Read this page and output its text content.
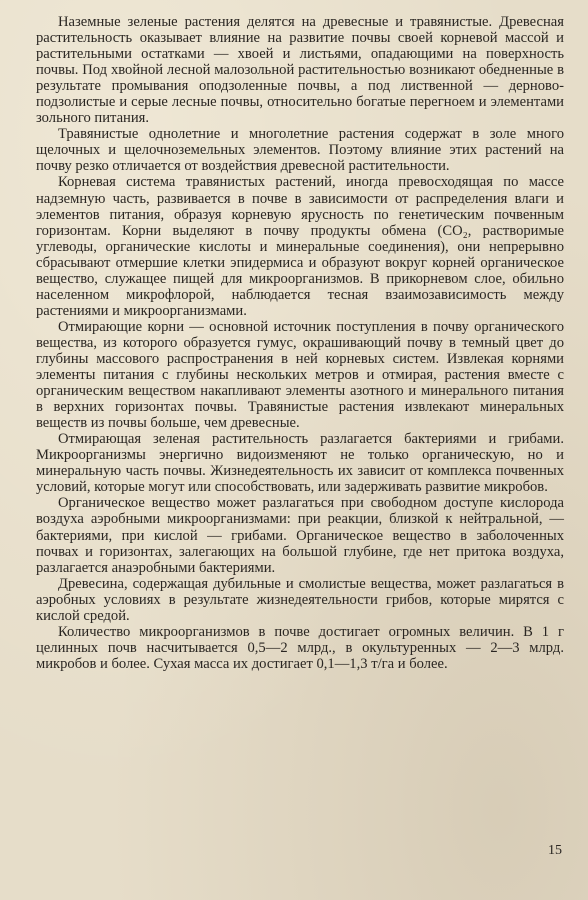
Наземные зеленые растения делятся на древесные и травянистые. Древесная растительность оказывает влияние на развитие почвы своей корневой массой и растительными остатками — хвоей и листьями, опадающими на поверхность почвы. Под хвойной лесной малозольной растительностью возникают обедненные в результате промывания оподзоленные почвы, а под лиственной — дерново-подзолистые и серые лесные почвы, относительно богатые перегноем и элементами зольного питания.

Травянистые однолетние и многолетние растения содержат в золе много щелочных и щелочноземельных элементов. Поэтому влияние этих растений на почву резко отличается от воздействия древесной растительности.

Корневая система травянистых растений, иногда превосходящая по массе надземную часть, развивается в почве в зависимости от распределения влаги и элементов питания, образуя корневую ярусность по генетическим почвенным горизонтам. Корни выделяют в почву продукты обмена (CO₂, растворимые углеводы, органические кислоты и минеральные соединения), они непрерывно сбрасывают отмершие клетки эпидермиса и образуют вокруг корней органическое вещество, служащее пищей для микроорганизмов. В прикорневом слое, обильно населенном микрофлорой, наблюдается тесная взаимозависимость между растениями и микроорганизмами.

Отмирающие корни — основной источник поступления в почву органического вещества, из которого образуется гумус, окрашивающий почву в темный цвет до глубины массового распространения в ней корневых систем. Извлекая корнями элементы питания с глубины нескольких метров и отмирая, растения вместе с органическим веществом накапливают элементы азотного и минерального питания в верхних горизонтах почвы. Травянистые растения извлекают минеральных веществ из почвы больше, чем древесные.

Отмирающая зеленая растительность разлагается бактериями и грибами. Микроорганизмы энергично видоизменяют не только органическую, но и минеральную часть почвы. Жизнедеятельность их зависит от комплекса почвенных условий, которые могут или способствовать, или задерживать развитие микробов.

Органическое вещество может разлагаться при свободном доступе кислорода воздуха аэробными микроорганизмами: при реакции, близкой к нейтральной, — бактериями, при кислой — грибами. Органическое вещество в заболоченных почвах и горизонтах, залегающих на большой глубине, где нет притока воздуха, разлагается анаэробными бактериями.

Древесина, содержащая дубильные и смолистые вещества, может разлагаться в аэробных условиях в результате жизнедеятельности грибов, которые мирятся с кислой средой.

Количество микроорганизмов в почве достигает огромных величин. В 1 г целинных почв насчитывается 0,5—2 млрд., в окультуренных — 2—3 млрд. микробов и более. Сухая масса их достигает 0,1—1,3 т/га и более.

15
